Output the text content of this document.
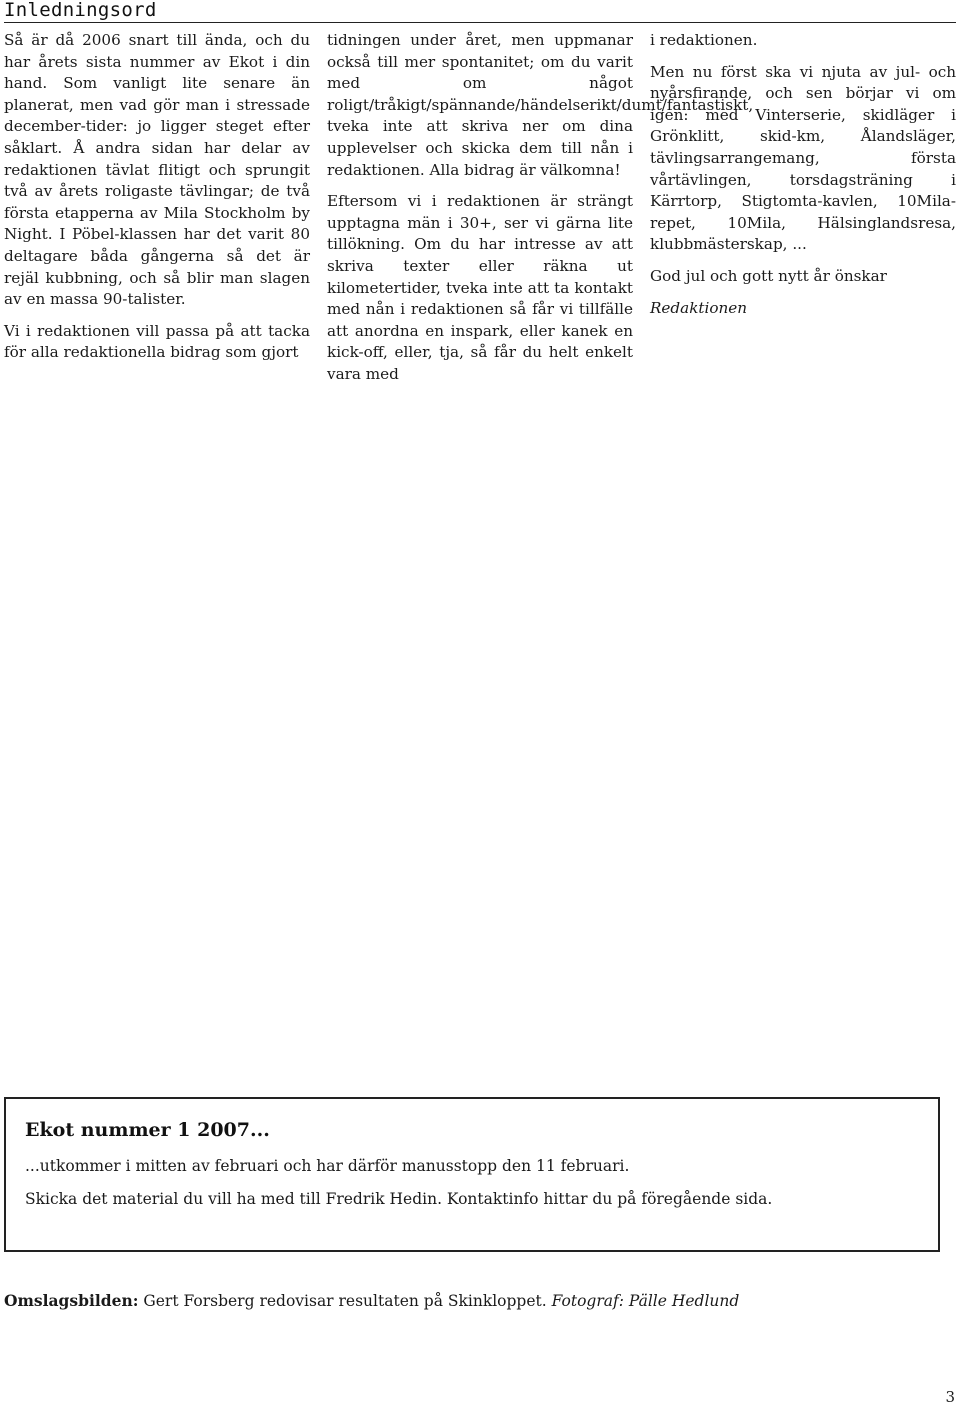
Inledningsord

Så är då 2006 snart till ända, och du har årets sista nummer av Ekot i din hand. Som vanligt lite senare än planerat, men vad gör man i stressade december-tider: jo ligger steget efter såklart. Å andra sidan har delar av redaktionen tävlat flitigt och sprungit två av årets roligaste tävlingar; de två första etapperna av Mila Stockholm by Night. I Pöbel-klassen har det varit 80 deltagare båda gångerna så det är rejäl kubbning, och så blir man slagen av en massa 90-talister.

Vi i redaktionen vill passa på att tacka för alla redaktionella bidrag som gjort

tidningen under året, men uppmanar också till mer spontanitet; om du varit med om något roligt/tråkigt/spännande/händelserikt/dumt/fantastiskt, tveka inte att skriva ner om dina upplevelser och skicka dem till nån i redaktionen. Alla bidrag är välkomna!

Eftersom vi i redaktionen är strängt upptagna män i 30+, ser vi gärna lite tillökning. Om du har intresse av att skriva texter eller räkna ut kilometertider, tveka inte att ta kontakt med nån i redaktionen så får vi tillfälle att anordna en inspark, eller kanek en kick-off, eller, tja, så får du helt enkelt vara med

i redaktionen.

Men nu först ska vi njuta av jul- och nyårsfirande, och sen börjar vi om igen: med Vinterserie, skidläger i Grönklitt, skid-km, Ålandsläger, tävlingsarrangemang, första vårtävlingen, torsdagsträning i Kärrtorp, Stigtomta-kavlen, 10Mila-repet, 10Mila, Hälsinglandsresa, klubbmästerskap, ...

God jul och gott nytt år önskar

Redaktionen

Ekot nummer 1 2007...

...utkommer i mitten av februari och har därför manusstopp den 11 februari.

Skicka det material du vill ha med till Fredrik Hedin. Kontaktinfo hittar du på föregående sida.

Omslagsbilden: Gert Forsberg redovisar resultaten på Skinkloppet. Fotograf: Pälle Hedlund

3
